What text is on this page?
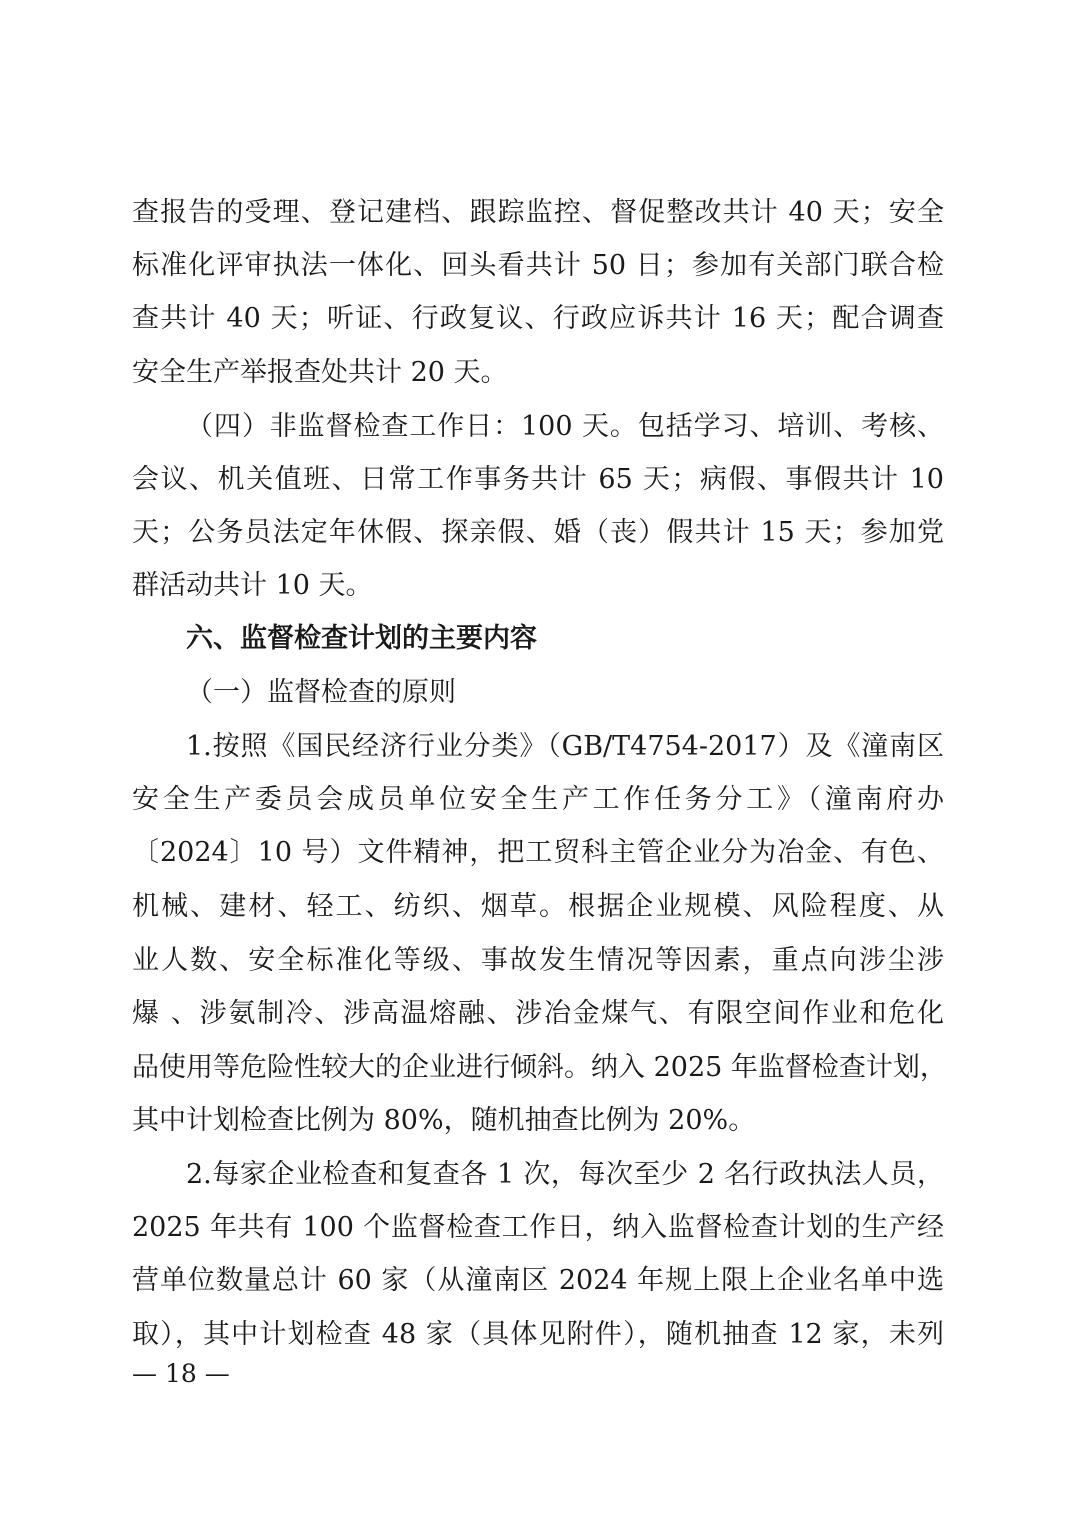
查报告的受理、登记建档、跟踪监控、督促整改共计 40 天；安全
标准化评审执法一体化、回头看共计 50 日；参加有关部门联合检
查共计 40 天；听证、行政复议、行政应诉共计 16 天；配合调查
安全生产举报查处共计 20 天。
（四）非监督检查工作日：100 天。包括学习、培训、考核、
会议、机关值班、日常工作事务共计 65 天；病假、事假共计 10
天；公务员法定年休假、探亲假、婚（丧）假共计 15 天；参加党
群活动共计 10 天。
六、监督检查计划的主要内容
（一）监督检查的原则
1.按照《国民经济行业分类》（GB/T4754-2017）及《潼南区
安全生产委员会成员单位安全生产工作任务分工》（潼南府办
〔2024〕10 号）文件精神，把工贸科主管企业分为冶金、有色、
机械、建材、轻工、纺织、烟草。根据企业规模、风险程度、从
业人数、安全标准化等级、事故发生情况等因素，重点向涉尘涉
爆 、涉氨制冷、涉高温熔融、涉冶金煤气、有限空间作业和危化
品使用等危险性较大的企业进行倾斜。纳入 2025 年监督检查计划，
其中计划检查比例为 80%，随机抽查比例为 20%。
2.每家企业检查和复查各 1 次，每次至少 2 名行政执法人员，
2025 年共有 100 个监督检查工作日，纳入监督检查计划的生产经
营单位数量总计 60 家（从潼南区 2024 年规上限上企业名单中选
取），其中计划检查 48 家（具体见附件），随机抽查 12 家，未列
— 18 —
